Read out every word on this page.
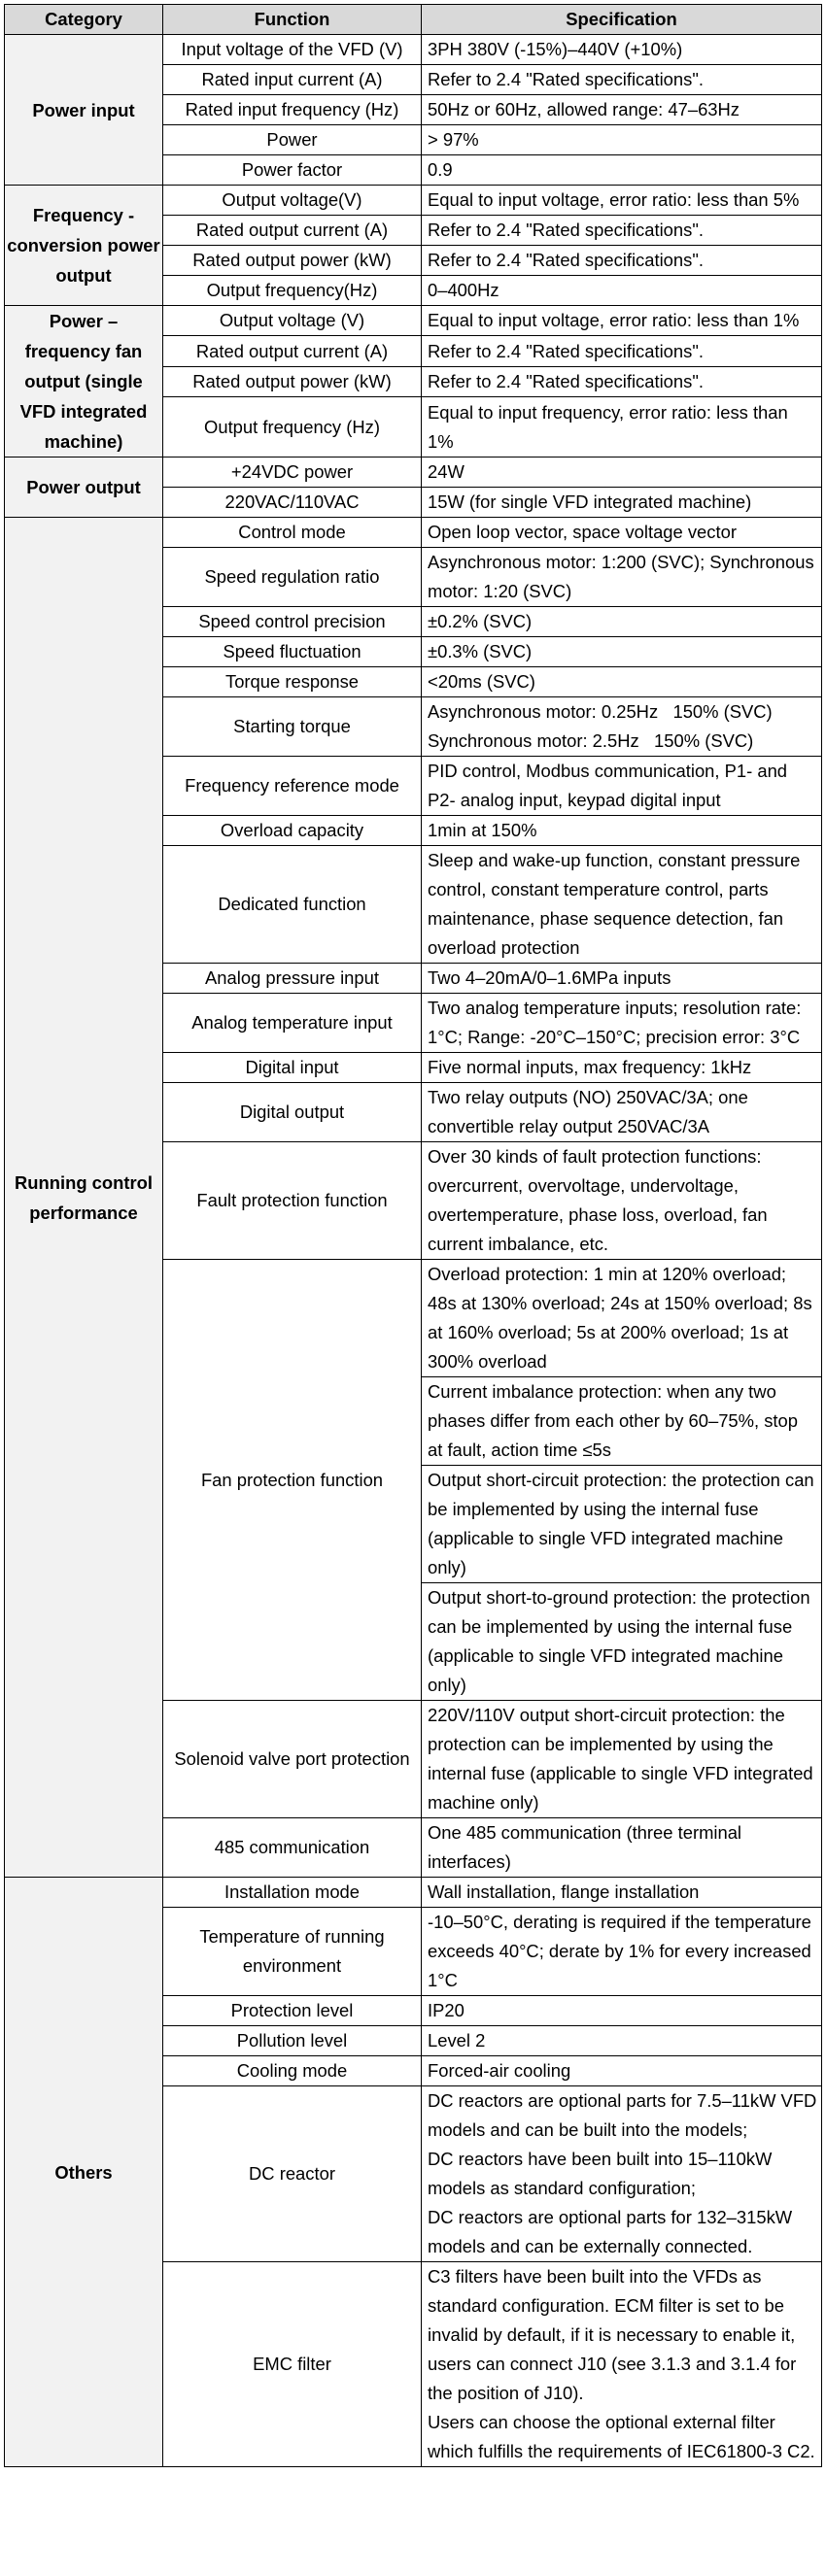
Category	Function	Specification
Power input	Input voltage of the VFD (V)	3PH 380V (-15%)–440V (+10%)
	Rated input current (A)	Refer to 2.4 "Rated specifications".
	Rated input frequency (Hz)	50Hz or 60Hz, allowed range: 47–63Hz
	Power	> 97%
	Power factor	0.9
Frequency -conversion power output	Output voltage(V)	Equal to input voltage, error ratio: less than 5%
	Rated output current (A)	Refer to 2.4 "Rated specifications".
	Rated output power (kW)	Refer to 2.4 "Rated specifications".
	Output frequency(Hz)	0–400Hz
Power –frequency fan output (single VFD integrated machine)	Output voltage (V)	Equal to input voltage, error ratio: less than 1%
	Rated output current (A)	Refer to 2.4 "Rated specifications".
	Rated output power (kW)	Refer to 2.4 "Rated specifications".
	Output frequency (Hz)	Equal to input frequency, error ratio: less than 1%
Power output	+24VDC power	24W
	220VAC/110VAC	15W (for single VFD integrated machine)
Running control performance	Control mode	Open loop vector, space voltage vector
	Speed regulation ratio	Asynchronous motor: 1:200 (SVC); Synchronous motor: 1:20 (SVC)
	Speed control precision	±0.2% (SVC)
	Speed fluctuation	±0.3% (SVC)
	Torque response	<20ms (SVC)
	Starting torque	Asynchronous motor: 0.25Hz   150% (SVC)
Synchronous motor: 2.5Hz   150% (SVC)
	Frequency reference mode	PID control, Modbus communication, P1- and P2- analog input, keypad digital input
	Overload capacity	1min at 150%
	Dedicated function	Sleep and wake-up function, constant pressure control, constant temperature control, parts maintenance, phase sequence detection, fan overload protection
	Analog pressure input	Two 4–20mA/0–1.6MPa inputs
	Analog temperature input	Two analog temperature inputs; resolution rate: 1°C; Range: -20°C–150°C; precision error: 3°C
	Digital input	Five normal inputs, max frequency: 1kHz
	Digital output	Two relay outputs (NO) 250VAC/3A; one convertible relay output 250VAC/3A
	Fault protection function	Over 30 kinds of fault protection functions: overcurrent, overvoltage, undervoltage, overtemperature, phase loss, overload, fan current imbalance, etc.
	Fan protection function	Overload protection: 1 min at 120% overload; 48s at 130% overload; 24s at 150% overload; 8s at 160% overload; 5s at 200% overload; 1s at 300% overload
		Current imbalance protection: when any two phases differ from each other by 60–75%, stop at fault, action time ≤5s
		Output short-circuit protection: the protection can be implemented by using the internal fuse (applicable to single VFD integrated machine only)
		Output short-to-ground protection: the protection can be implemented by using the internal fuse (applicable to single VFD integrated machine only)
	Solenoid valve port protection	220V/110V output short-circuit protection: the protection can be implemented by using the internal fuse (applicable to single VFD integrated machine only)
	485 communication	One 485 communication (three terminal interfaces)
Others	Installation mode	Wall installation, flange installation
	Temperature of running environment	-10–50°C, derating is required if the temperature exceeds 40°C; derate by 1% for every increased 1°C
	Protection level	IP20
	Pollution level	Level 2
	Cooling mode	Forced-air cooling
	DC reactor	DC reactors are optional parts for 7.5–11kW VFD models and can be built into the models;
DC reactors have been built into 15–110kW models as standard configuration;
DC reactors are optional parts for 132–315kW models and can be externally connected.
	EMC filter	C3 filters have been built into the VFDs as standard configuration. ECM filter is set to be invalid by default, if it is necessary to enable it, users can connect J10 (see 3.1.3 and 3.1.4 for the position of J10).
Users can choose the optional external filter which fulfills the requirements of IEC61800-3 C2.
